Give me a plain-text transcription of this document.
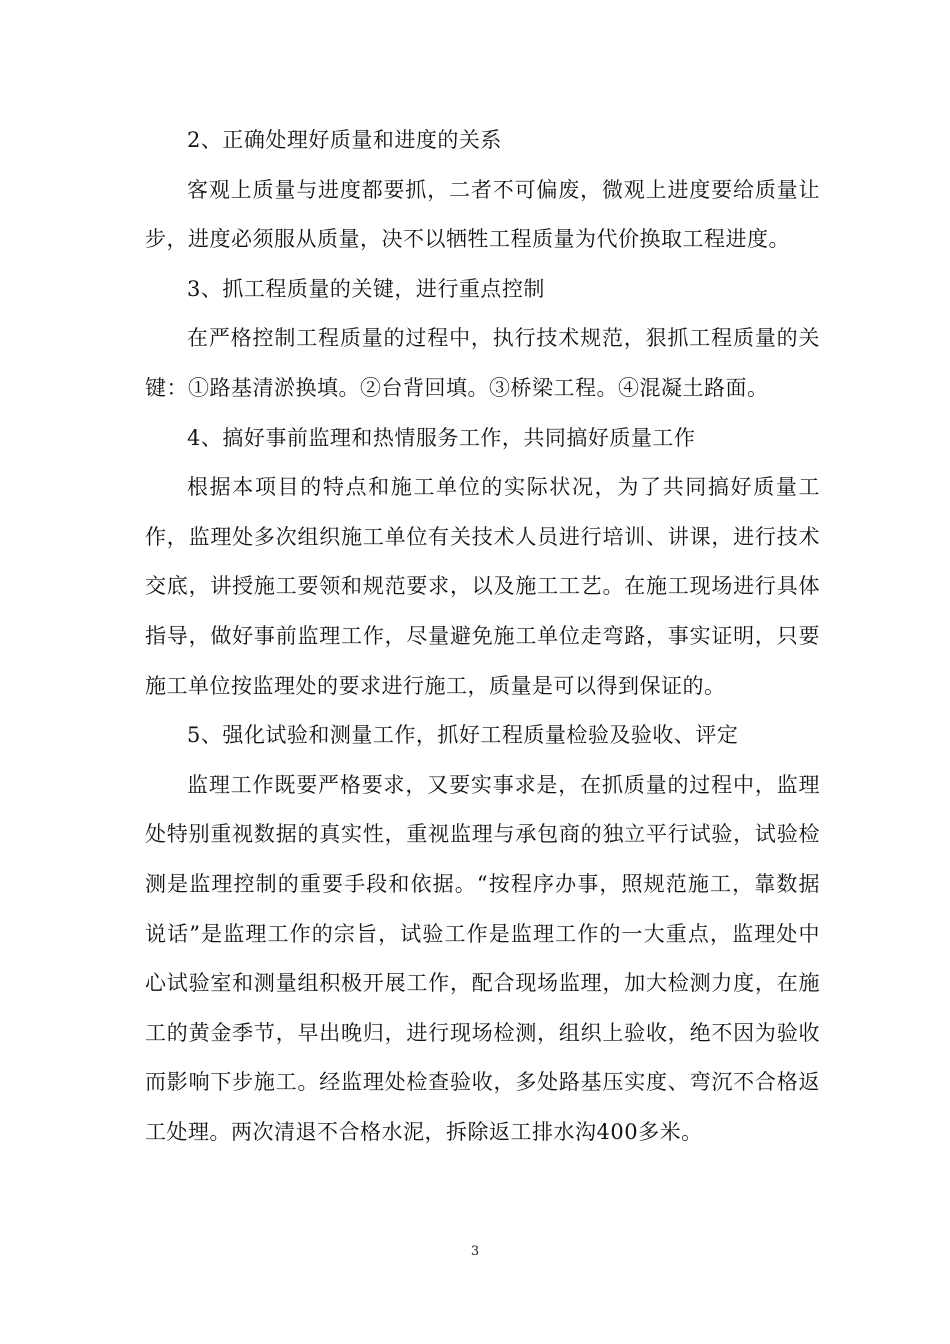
2、正确处理好质量和进度的关系

客观上质量与进度都要抓，二者不可偏废，微观上进度要给质量让步，进度必须服从质量，决不以牺牲工程质量为代价换取工程进度。

3、抓工程质量的关键，进行重点控制

在严格控制工程质量的过程中，执行技术规范，狠抓工程质量的关键：①路基清淤换填。②台背回填。③桥梁工程。④混凝土路面。

4、搞好事前监理和热情服务工作，共同搞好质量工作

根据本项目的特点和施工单位的实际状况，为了共同搞好质量工作，监理处多次组织施工单位有关技术人员进行培训、讲课，进行技术交底，讲授施工要领和规范要求，以及施工工艺。在施工现场进行具体指导，做好事前监理工作，尽量避免施工单位走弯路，事实证明，只要施工单位按监理处的要求进行施工，质量是可以得到保证的。

5、强化试验和测量工作，抓好工程质量检验及验收、评定

监理工作既要严格要求，又要实事求是，在抓质量的过程中，监理处特别重视数据的真实性，重视监理与承包商的独立平行试验，试验检测是监理控制的重要手段和依据。“按程序办事，照规范施工，靠数据说话”是监理工作的宗旨，试验工作是监理工作的一大重点，监理处中心试验室和测量组积极开展工作，配合现场监理，加大检测力度，在施工的黄金季节，早出晚归，进行现场检测，组织上验收，绝不因为验收而影响下步施工。经监理处检查验收，多处路基压实度、弯沉不合格返工处理。两次清退不合格水泥，拆除返工排水沟400多米。

3
